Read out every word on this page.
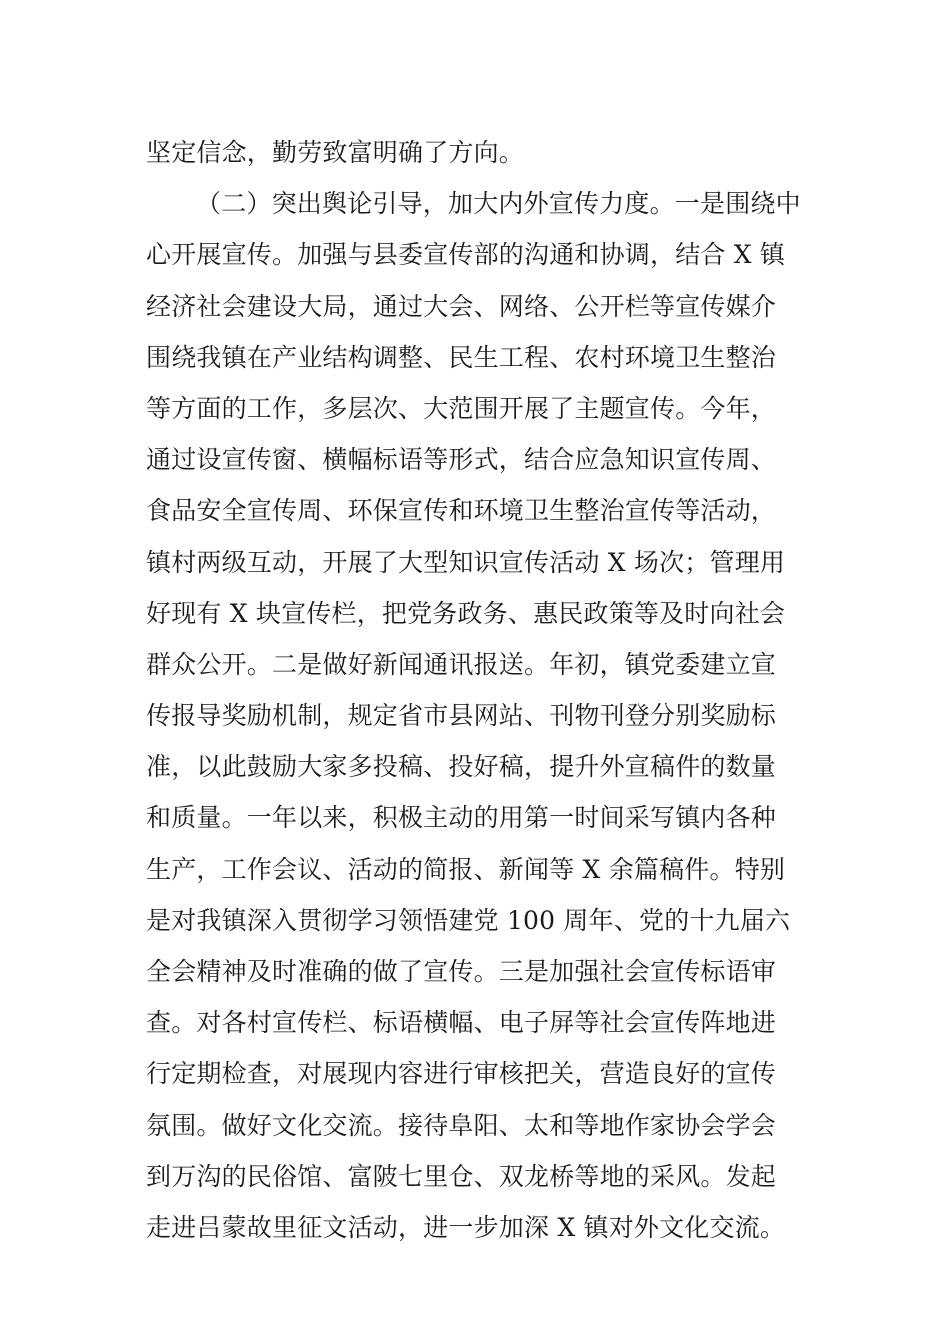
坚定信念，勤劳致富明确了方向。
（二）突出舆论引导，加大内外宣传力度。一是围绕中
心开展宣传。加强与县委宣传部的沟通和协调，结合 X 镇
经济社会建设大局，通过大会、网络、公开栏等宣传媒介
围绕我镇在产业结构调整、民生工程、农村环境卫生整治
等方面的工作，多层次、大范围开展了主题宣传。今年，
通过设宣传窗、横幅标语等形式，结合应急知识宣传周、
食品安全宣传周、环保宣传和环境卫生整治宣传等活动，
镇村两级互动，开展了大型知识宣传活动 X 场次；管理用
好现有 X 块宣传栏，把党务政务、惠民政策等及时向社会
群众公开。二是做好新闻通讯报送。年初，镇党委建立宣
传报导奖励机制，规定省市县网站、刊物刊登分别奖励标
准，以此鼓励大家多投稿、投好稿，提升外宣稿件的数量
和质量。一年以来，积极主动的用第一时间采写镇内各种
生产，工作会议、活动的简报、新闻等 X 余篇稿件。特别
是对我镇深入贯彻学习领悟建党 100 周年、党的十九届六
全会精神及时准确的做了宣传。三是加强社会宣传标语审
查。对各村宣传栏、标语横幅、电子屏等社会宣传阵地进
行定期检查，对展现内容进行审核把关，营造良好的宣传
氛围。做好文化交流。接待阜阳、太和等地作家协会学会
到万沟的民俗馆、富陂七里仓、双龙桥等地的采风。发起
走进吕蒙故里征文活动，进一步加深 X 镇对外文化交流。
